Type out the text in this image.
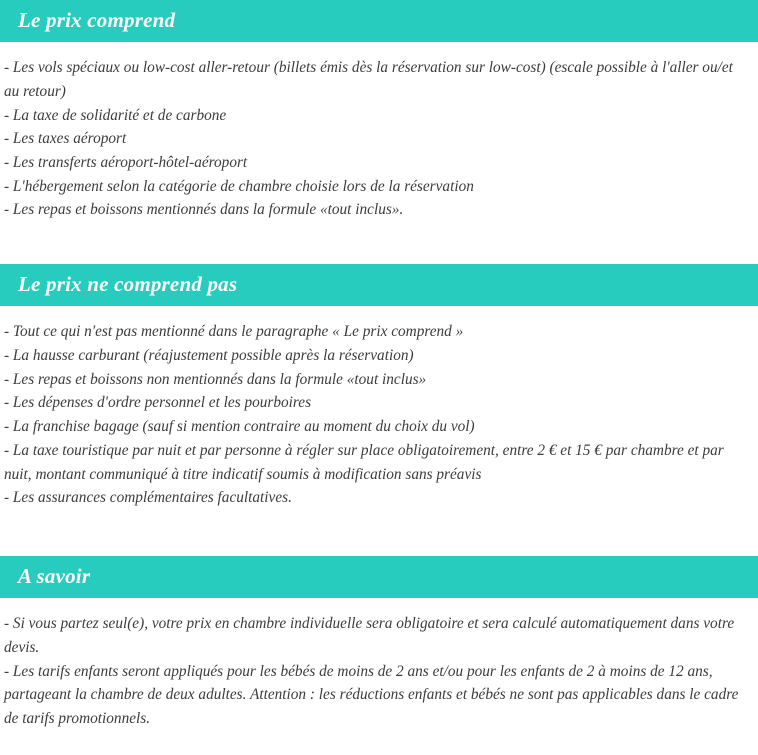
Le prix comprend

- Les vols spéciaux ou low-cost aller-retour (billets émis dès la réservation sur low-cost) (escale possible à l'aller ou/et au retour)

- La taxe de solidarité et de carbone

- Les taxes aéroport

- Les transferts aéroport-hôtel-aéroport

- L'hébergement selon la catégorie de chambre choisie lors de la réservation

- Les repas et boissons mentionnés dans la formule «tout inclus».

Le prix ne comprend pas

- Tout ce qui n'est pas mentionné dans le paragraphe « Le prix comprend »

- La hausse carburant (réajustement possible après la réservation)

- Les repas et boissons non mentionnés dans la formule «tout inclus»

- Les dépenses d'ordre personnel et les pourboires

- La franchise bagage (sauf si mention contraire au moment du choix du vol)

- La taxe touristique par nuit et par personne à régler sur place obligatoirement, entre 2 € et 15 € par chambre et par nuit, montant communiqué à titre indicatif soumis à modification sans préavis

- Les assurances complémentaires facultatives.

A savoir

- Si vous partez seul(e), votre prix en chambre individuelle sera obligatoire et sera calculé automatiquement dans votre devis.

- Les tarifs enfants seront appliqués pour les bébés de moins de 2 ans et/ou pour les enfants de 2 à moins de 12 ans, partageant la chambre de deux adultes. Attention : les réductions enfants et bébés ne sont pas applicables dans le cadre de tarifs promotionnels.
